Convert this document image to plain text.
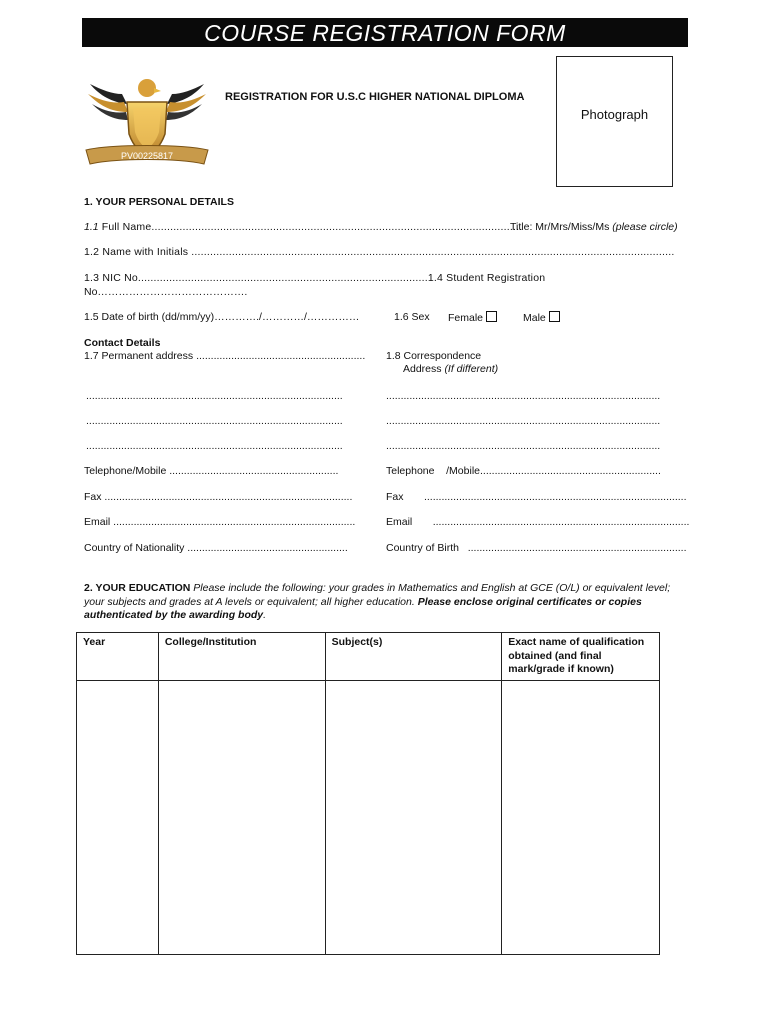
COURSE REGISTRATION FORM
PV00225817
REGISTRATION FOR U.S.C HIGHER NATIONAL DIPLOMA
Photograph
1. YOUR PERSONAL DETAILS
1.1 Full Name.......................................................................................................................
Title: Mr/Mrs/Miss/Ms (please circle)
1.2 Name with Initials ...........................................................................................................................................................
1.3 NIC No.............................................................................................1.4 Student Registration
No…………………………………….
1.5 Date of birth (dd/mm/yy)…………./…………/……………	1.6 Sex Female	Male
Contact Details
1.7 Permanent address .......................................................... 1.8 Correspondence
Address (If different)
........................................................................................	..............................................................................................
........................................................................................	..............................................................................................
........................................................................................	..............................................................................................
Telephone/Mobile ..........................................................	Telephone /Mobile..............................................................
Fax .....................................................................................	Fax ..........................................................................................
Email ...................................................................................	Email ........................................................................................
Country of Nationality .......................................................	Country of Birth ...........................................................................
2. YOUR EDUCATION Please include the following: your grades in Mathematics and English at GCE (O/L) or equivalent level; your subjects and grades at A levels or equivalent; all higher education. Please enclose original certificates or copies authenticated by the awarding body.
Year	College/Institution	Subject(s)	Exact name of qualification obtained (and final mark/grade if known)
